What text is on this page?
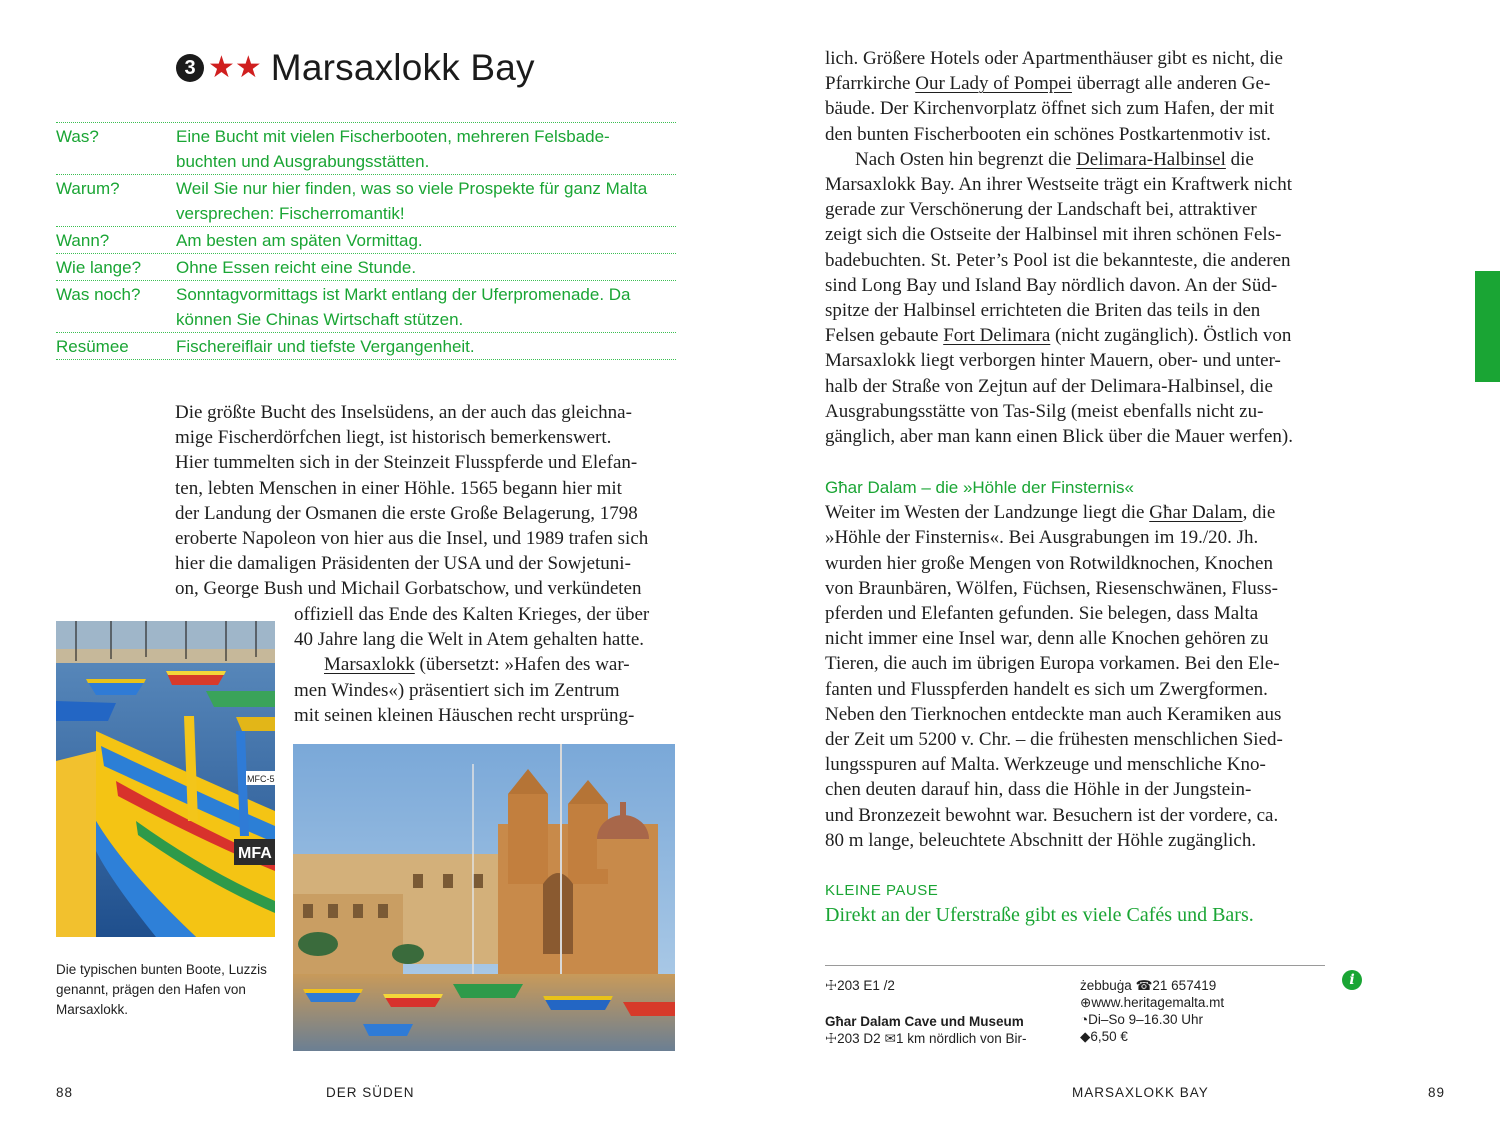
3 ★★ Marsaxlokk Bay
Was?	Eine Bucht mit vielen Fischerbooten, mehreren Felsbade-
buchten und Ausgrabungsstätten.
Warum?	Weil Sie nur hier finden, was so viele Prospekte für ganz Malta
versprechen: Fischerromantik!
Wann?	Am besten am späten Vormittag.
Wie lange?	Ohne Essen reicht eine Stunde.
Was noch?	Sonntagvormittags ist Markt entlang der Uferpromenade. Da
können Sie Chinas Wirtschaft stützen.
Resümee	Fischereiflair und tiefste Vergangenheit.
Die größte Bucht des Inselsüdens, an der auch das gleichna-
mige Fischerdörfchen liegt, ist historisch bemerkenswert.
Hier tummelten sich in der Steinzeit Flusspferde und Elefan-
ten, lebten Menschen in einer Höhle. 1565 begann hier mit
der Landung der Osmanen die erste Große Belagerung, 1798
eroberte Napoleon von hier aus die Insel, und 1989 trafen sich
hier die damaligen Präsidenten der USA und der Sowjetuni-
on, George Bush und Michail Gorbatschow, und verkündeten
offiziell das Ende des Kalten Krieges, der über
40 Jahre lang die Welt in Atem gehalten hatte.
Marsaxlokk (übersetzt: »Hafen des war-
men Windes«) präsentiert sich im Zentrum
mit seinen kleinen Häuschen recht ursprüng-
MFA
MFC-5
Die typischen bunten Boote, Luzzis genannt, prägen den Hafen von Marsaxlokk.
lich. Größere Hotels oder Apartmenthäuser gibt es nicht, die
Pfarrkirche Our Lady of Pompei überragt alle anderen Ge-
bäude. Der Kirchenvorplatz öffnet sich zum Hafen, der mit
den bunten Fischerbooten ein schönes Postkartenmotiv ist.
Nach Osten hin begrenzt die Delimara-Halbinsel die
Marsaxlokk Bay. An ihrer Westseite trägt ein Kraftwerk nicht
gerade zur Verschönerung der Landschaft bei, attraktiver
zeigt sich die Ostseite der Halbinsel mit ihren schönen Fels-
badebuchten. St. Peter’s Pool ist die bekannteste, die anderen
sind Long Bay und Island Bay nördlich davon. An der Süd-
spitze der Halbinsel errichteten die Briten das teils in den
Felsen gebaute Fort Delimara (nicht zugänglich). Östlich von
Marsaxlokk liegt verborgen hinter Mauern, ober- und unter-
halb der Straße von Zejtun auf der Delimara-Halbinsel, die
Ausgrabungsstätte von Tas-Silg (meist ebenfalls nicht zu-
gänglich, aber man kann einen Blick über die Mauer werfen).
Għar Dalam – die »Höhle der Finsternis«
Weiter im Westen der Landzunge liegt die Għar Dalam, die
»Höhle der Finsternis«. Bei Ausgrabungen im 19./20. Jh.
wurden hier große Mengen von Rotwildknochen, Knochen
von Braunbären, Wölfen, Füchsen, Riesenschwänen, Fluss-
pferden und Elefanten gefunden. Sie belegen, dass Malta
nicht immer eine Insel war, denn alle Knochen gehören zu
Tieren, die auch im übrigen Europa vorkamen. Bei den Ele-
fanten und Flusspferden handelt es sich um Zwergformen.
Neben den Tierknochen entdeckte man auch Keramiken aus
der Zeit um 5200 v. Chr. – die frühesten menschlichen Sied-
lungsspuren auf Malta. Werkzeuge und menschliche Kno-
chen deuten darauf hin, dass die Höhle in der Jungstein-
und Bronzezeit bewohnt war. Besuchern ist der vordere, ca.
80 m lange, beleuchtete Abschnitt der Höhle zugänglich.
KLEINE PAUSE
Direkt an der Uferstraße gibt es viele Cafés und Bars.
☩203 E1 /2
Għar Dalam Cave und Museum
☩203 D2 ✉1 km nördlich von Bir-
żebbuġa ☎21 657419
⊕www.heritagemalta.mt
◔Di–So 9–16.30 Uhr
◆6,50 €
i
88	DER SÜDEN	MARSAXLOKK BAY	89
